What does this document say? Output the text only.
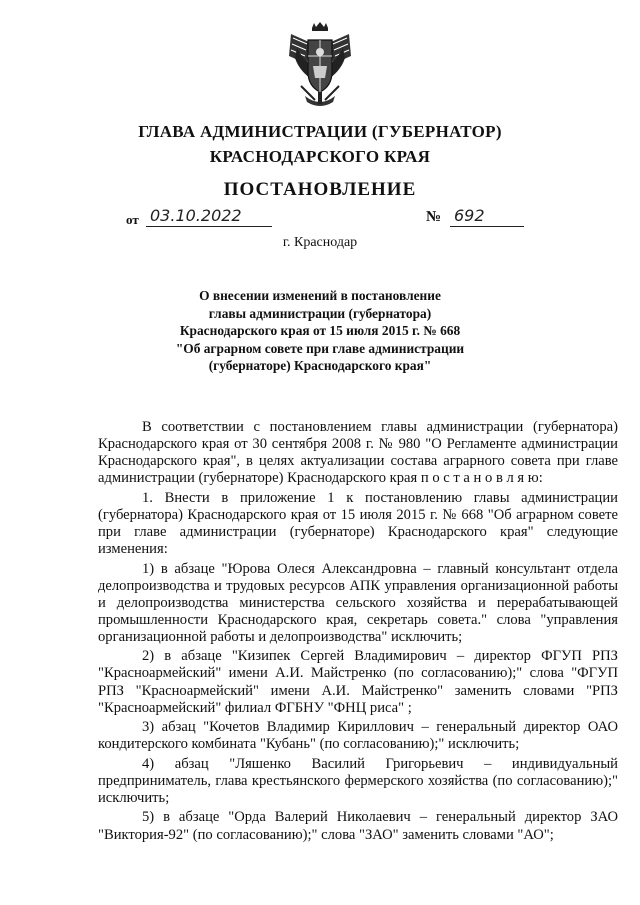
ГЛАВА АДМИНИСТРАЦИИ (ГУБЕРНАТОР)
КРАСНОДАРСКОГО КРАЯ
ПОСТАНОВЛЕНИЕ
от 03.10.2022	№ 692
г. Краснодар
О внесении изменений в постановление
главы администрации (губернатора)
Краснодарского края от 15 июля 2015 г. № 668
"Об аграрном совете при главе администрации
(губернаторе) Краснодарского края"

В соответствии с постановлением главы администрации (губернатора) Краснодарского края от 30 сентября 2008 г. № 980 "О Регламенте администрации Краснодарского края", в целях актуализации состава аграрного совета при главе администрации (губернаторе) Краснодарского края п о с т а н о в л я ю:

1. Внести в приложение 1 к постановлению главы администрации (губернатора) Краснодарского края от 15 июля 2015 г. № 668 "Об аграрном совете при главе администрации (губернаторе) Краснодарского края" следующие изменения:

1) в абзаце "Юрова Олеся Александровна – главный консультант отдела делопроизводства и трудовых ресурсов АПК управления организационной работы и делопроизводства министерства сельского хозяйства и перерабатывающей промышленности Краснодарского края, секретарь совета." слова "управления организационной работы и делопроизводства" исключить;

2) в абзаце "Кизипек Сергей Владимирович – директор ФГУП РПЗ "Красноармейский" имени А.И. Майстренко (по согласованию);" слова "ФГУП РПЗ "Красноармейский" имени А.И. Майстренко" заменить словами "РПЗ "Красноармейский" филиал ФГБНУ "ФНЦ риса" ;

3) абзац "Кочетов Владимир Кириллович – генеральный директор ОАО кондитерского комбината "Кубань" (по согласованию);" исключить;

4) абзац "Ляшенко Василий Григорьевич – индивидуальный предприниматель, глава крестьянского фермерского хозяйства (по согласованию);" исключить;

5) в абзаце "Орда Валерий Николаевич – генеральный директор ЗАО "Виктория-92" (по согласованию);" слова "ЗАО" заменить словами "АО";
